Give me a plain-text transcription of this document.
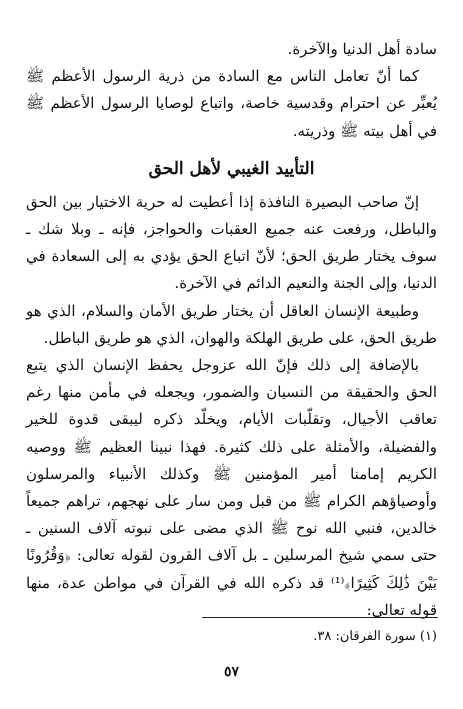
سادة أهل الدنيا والآخرة.

كما أنّ تعامل الناس مع السادة من ذرية الرسول الأعظم ﷺ يُعبِّر عن احترام وقدسية خاصة، واتباع لوصايا الرسول الأعظم ﷺ في أهل بيته ﷺ وذريته.

التأييد الغيبي لأهل الحق

إنّ صاحب البصيرة النافذة إذا أعطيت له حرية الاختيار بين الحق والباطل، ورفعت عنه جميع العقبات والحواجز، فإنه ـ وبلا شك ـ سوف يختار طريق الحق؛ لأنّ اتباع الحق يؤدي به إلى السعادة في الدنيا، وإلى الجنة والنعيم الدائم في الآخرة.

وطبيعة الإنسان العاقل أن يختار طريق الأمان والسلام، الذي هو طريق الحق، على طريق الهلكة والهوان، الذي هو طريق الباطل.

بالإضافة إلى ذلك فإنّ الله عزوجل يحفظ الإنسان الذي يتبع الحق والحقيقة من النسيان والضمور، ويجعله في مأمن منها رغم تعاقب الأجيال، وتقلّبات الأيام، ويخلّد ذكره ليبقى قدوة للخير والفضيلة، والأمثلة على ذلك كثيرة. فهذا نبينا العظيم ﷺ ووصيه الكريم إمامنا أمير المؤمنين ﷺ وكذلك الأنبياء والمرسلون وأوصياؤهم الكرام ﷺ من قبل ومن سار على نهجهم، تراهم جميعاً خالدين، فنبي الله نوح ﷺ الذي مضى على نبوته آلاف السنين ـ حتى سمي شيخ المرسلين ـ بل آلاف القرون لقوله تعالى: ﴿وَقُرُونًا بَيْنَ ذَٰلِكَ كَثِيرًا﴾⁽¹⁾ قد ذكره الله في القرآن في مواطن عدة، منها قوله تعالى:

(١) سورة الفرقان: ٣٨.
٥٧
